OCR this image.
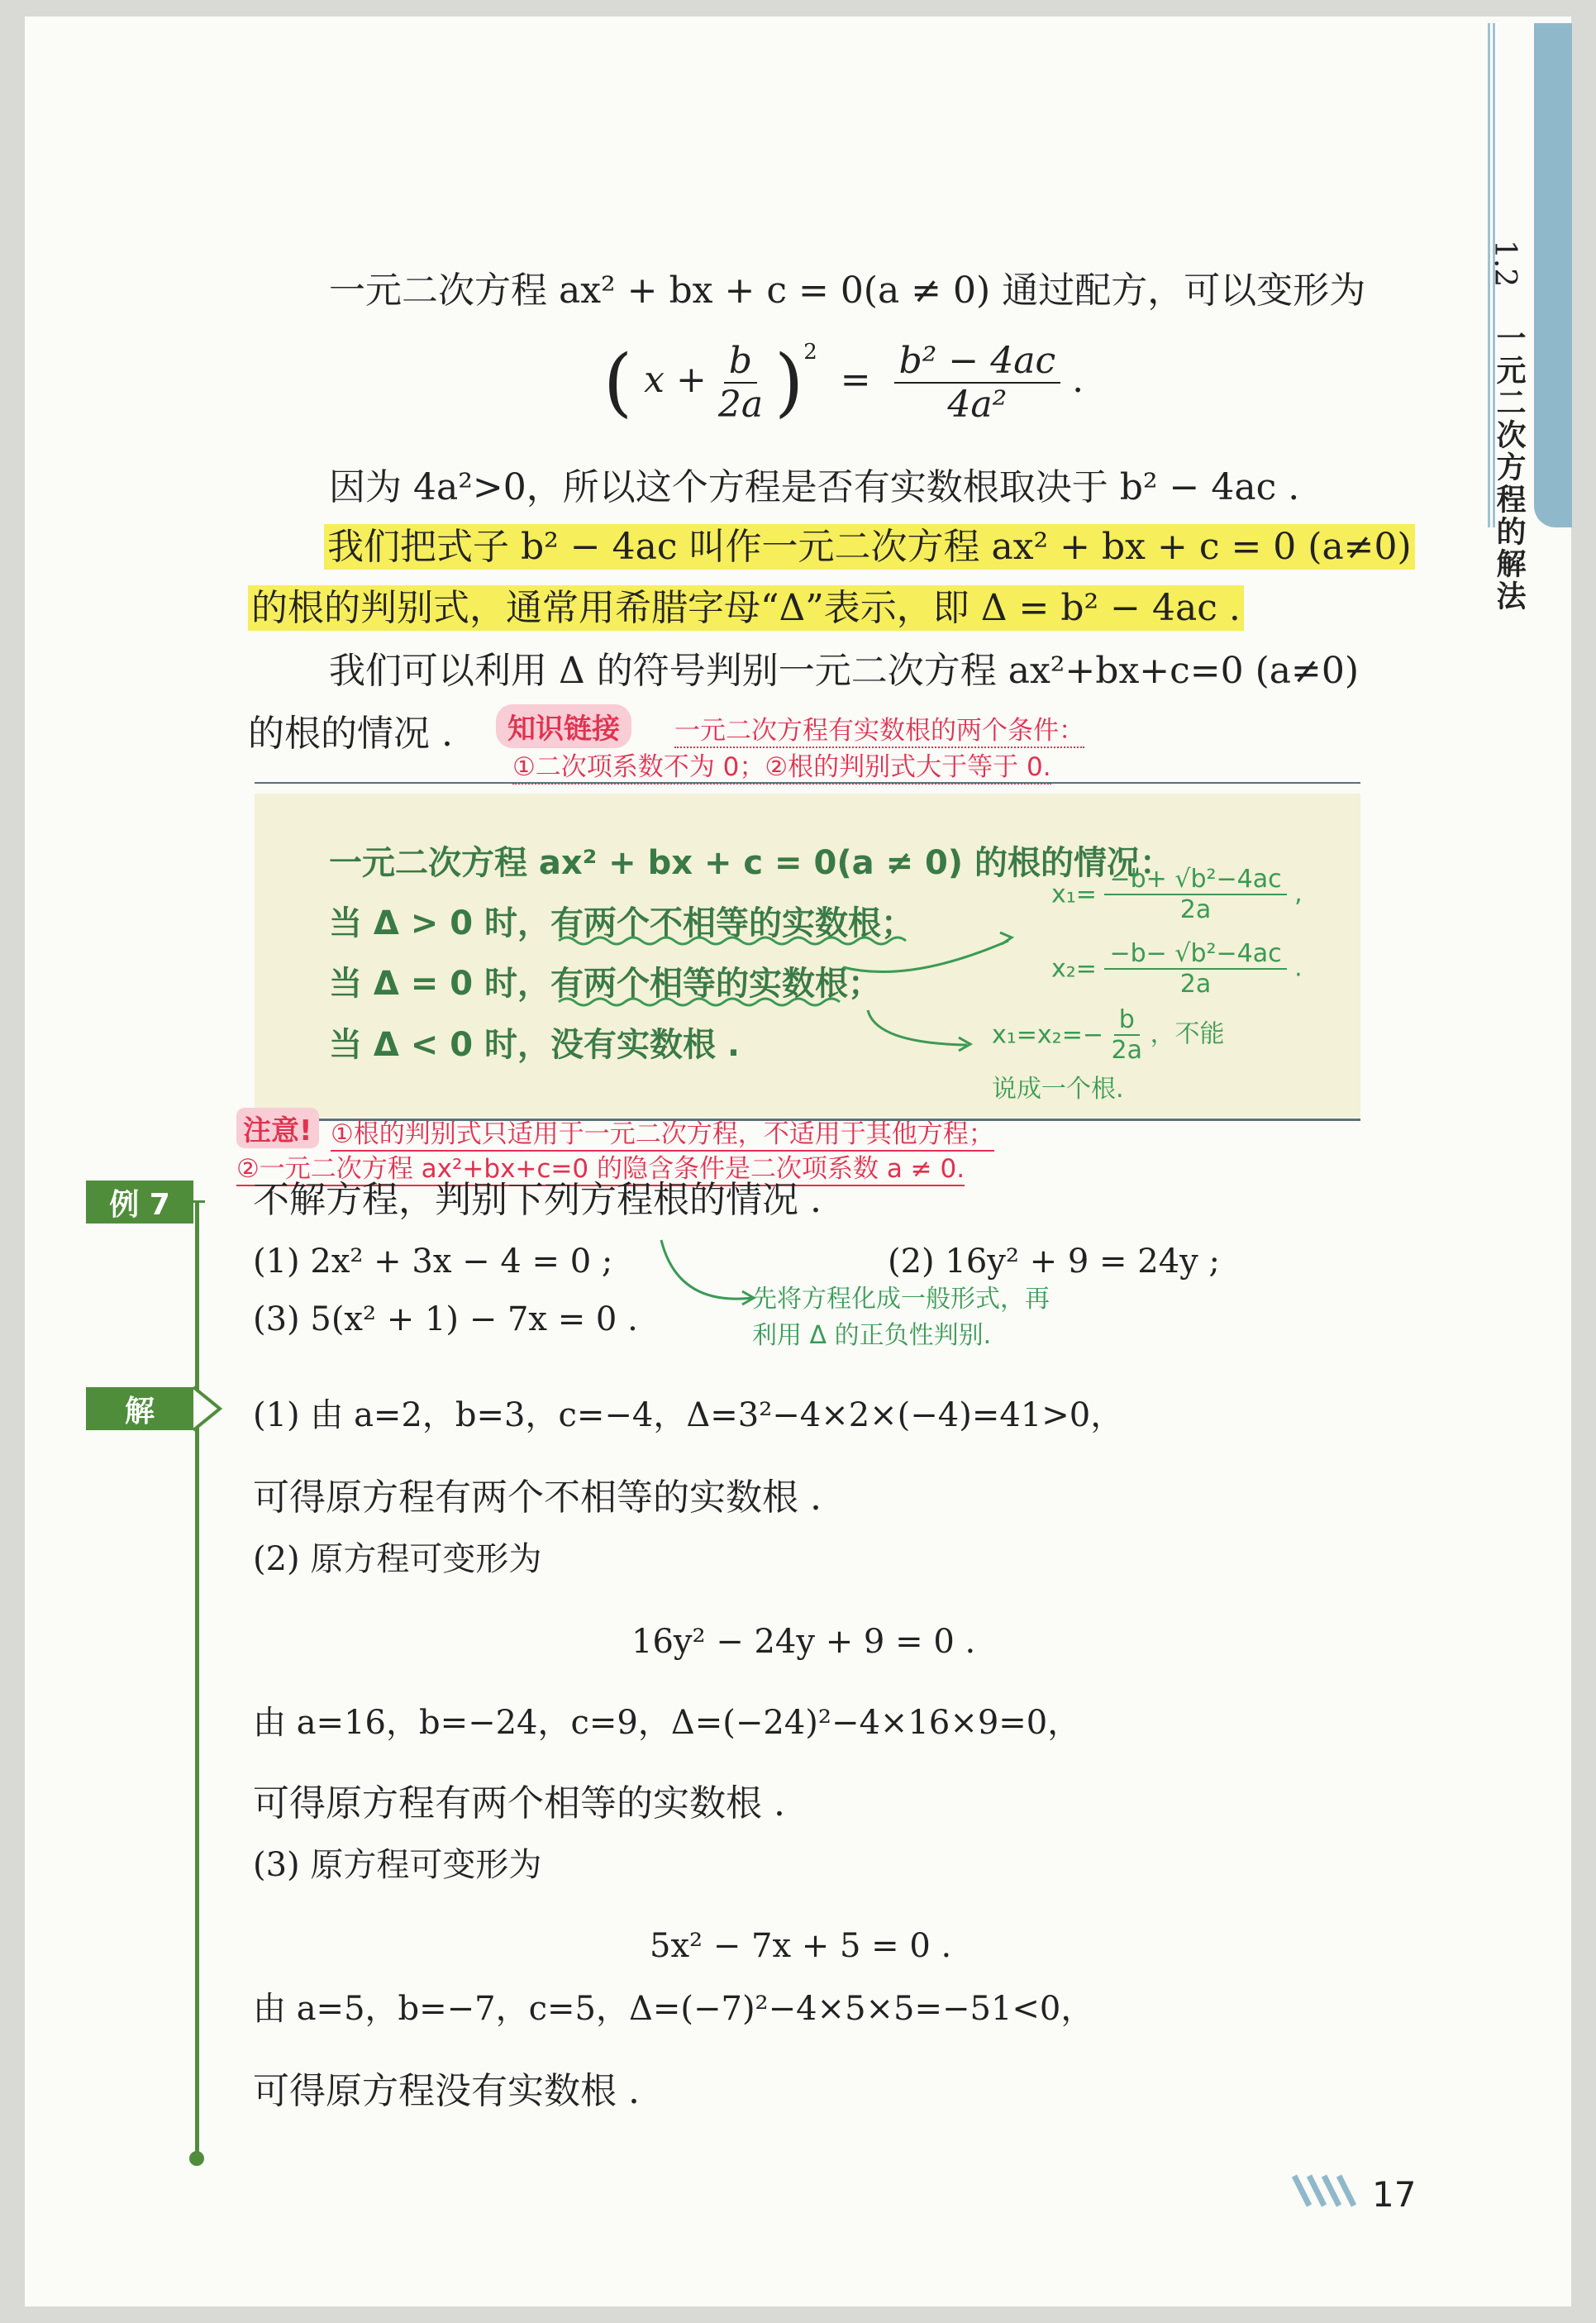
1.2
一元二次方程的解法
一元二次方程 ax² + bx + c = 0(a ≠ 0) 通过配方，可以变形为
( $x + \frac{b}{2a} )^2 = \frac{\text{b² − 4ac}}{\text{4a²}}$ .
因为 4a²>0，所以这个方程是否有实数根取决于 b² − 4ac .
我们把式子 b² − 4ac 叫作一元二次方程 ax² + bx + c = 0 (a≠0)
的根的判别式，通常用希腊字母“Δ”表示，即 Δ = b² − 4ac .
我们可以利用 Δ 的符号判别一元二次方程 ax²+bx+c=0 (a≠0)
的根的情况 .	知识链接	一元二次方程有实数根的两个条件：
①二次项系数不为 0；②根的判别式大于等于 0.
一元二次方程 ax² + bx + c = 0(a ≠ 0) 的根的情况：
当 Δ > 0 时，有两个不相等的实数根；
当 Δ = 0 时，有两个相等的实数根；
当 Δ < 0 时，没有实数根 .
$x_1= \frac{\text{−b+ √b²−4ac}}{2a}$ ,
$x_2= \frac{\text{−b− √b²−4ac}}{2a}$ .
$x_1=x_2=- \frac{b}{2a}$ ，不能
说成一个根.
注意! ①根的判别式只适用于一元二次方程，不适用于其他方程；
②一元二次方程 ax²+bx+c=0 的隐含条件是二次项系数 a ≠ 0.
例 7 不解方程，判别下列方程根的情况 .
(1) 2x² + 3x − 4 = 0 ;	(2) 16y² + 9 = 24y ;
(3) 5(x² + 1) − 7x = 0 .
先将方程化成一般形式，再
利用 Δ 的正负性判别.
解	(1) 由 a=2，b=3，c=−4，Δ=3²−4×2×(−4)=41>0，
可得原方程有两个不相等的实数根 .
(2) 原方程可变形为
16y² − 24y + 9 = 0 .
由 a=16，b=−24，c=9，Δ=(−24)²−4×16×9=0，
可得原方程有两个相等的实数根 .
(3) 原方程可变形为
5x² − 7x + 5 = 0 .
由 a=5，b=−7，c=5，Δ=(−7)²−4×5×5=−51<0，
可得原方程没有实数根 .
17
